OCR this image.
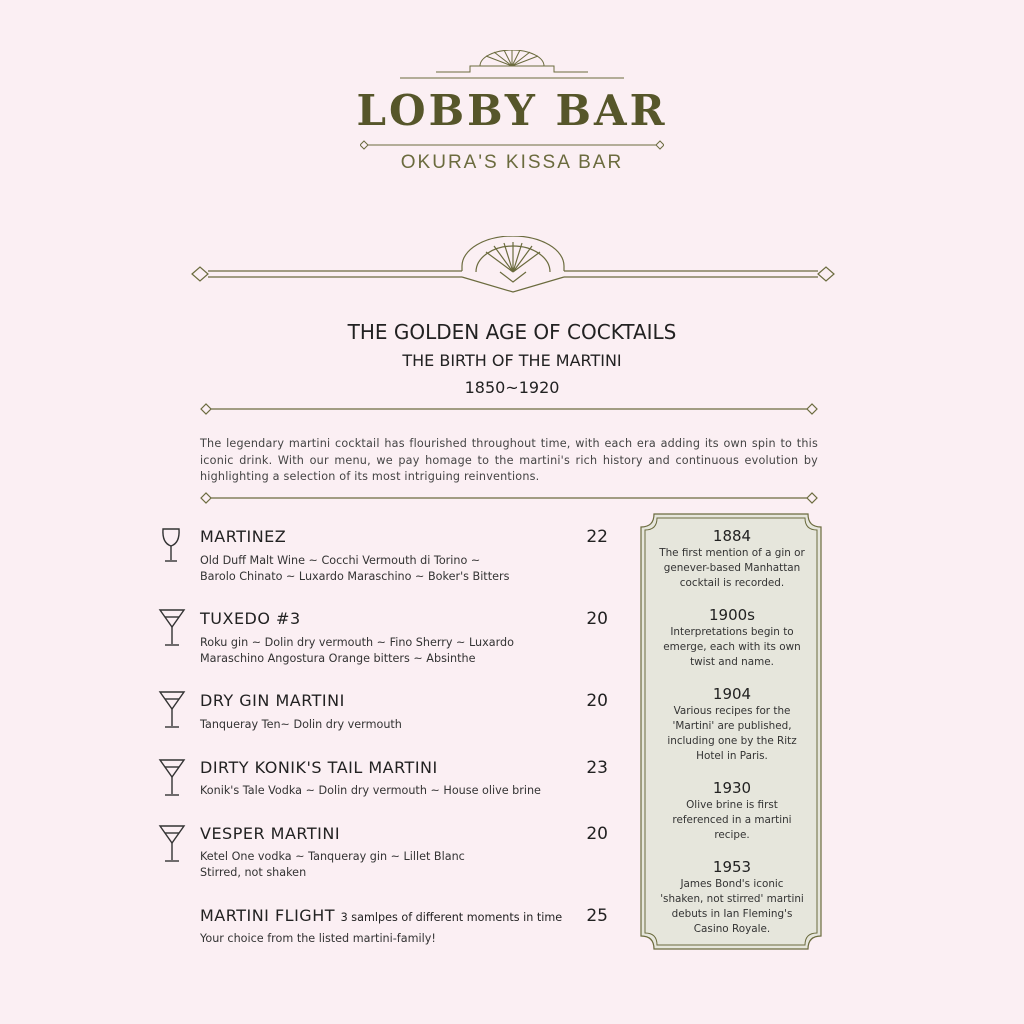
LOBBY BAR
OKURA'S KISSA BAR
THE GOLDEN AGE OF COCKTAILS
THE BIRTH OF THE MARTINI
1850~1920
The legendary martini cocktail has flourished throughout time, with each era adding its own spin to this iconic drink. With our menu, we pay homage to the martini's rich history and continuous evolution by highlighting a selection of its most intriguing reinventions.
MARTINEZ	22
Old Duff Malt Wine ~ Cocchi Vermouth di Torino ~
Barolo Chinato ~ Luxardo Maraschino ~ Boker's Bitters
TUXEDO #3	20
Roku gin ~ Dolin dry vermouth ~ Fino Sherry ~ Luxardo
Maraschino Angostura Orange bitters ~ Absinthe
DRY GIN MARTINI	20
Tanqueray Ten~ Dolin dry vermouth
DIRTY KONIK'S TAIL MARTINI	23
Konik's Tale Vodka ~ Dolin dry vermouth ~ House olive brine
VESPER MARTINI	20
Ketel One vodka ~ Tanqueray gin ~ Lillet Blanc
Stirred, not shaken
MARTINI FLIGHT 3 samlpes of different moments in time	25
Your choice from the listed martini-family!
1884
The first mention of a gin or
genever-based Manhattan
cocktail is recorded.
1900s
Interpretations begin to
emerge, each with its own
twist and name.
1904
Various recipes for the
'Martini' are published,
including one by the Ritz
Hotel in Paris.
1930
Olive brine is first
referenced in a martini
recipe.
1953
James Bond's iconic
'shaken, not stirred' martini
debuts in Ian Fleming's
Casino Royale.
